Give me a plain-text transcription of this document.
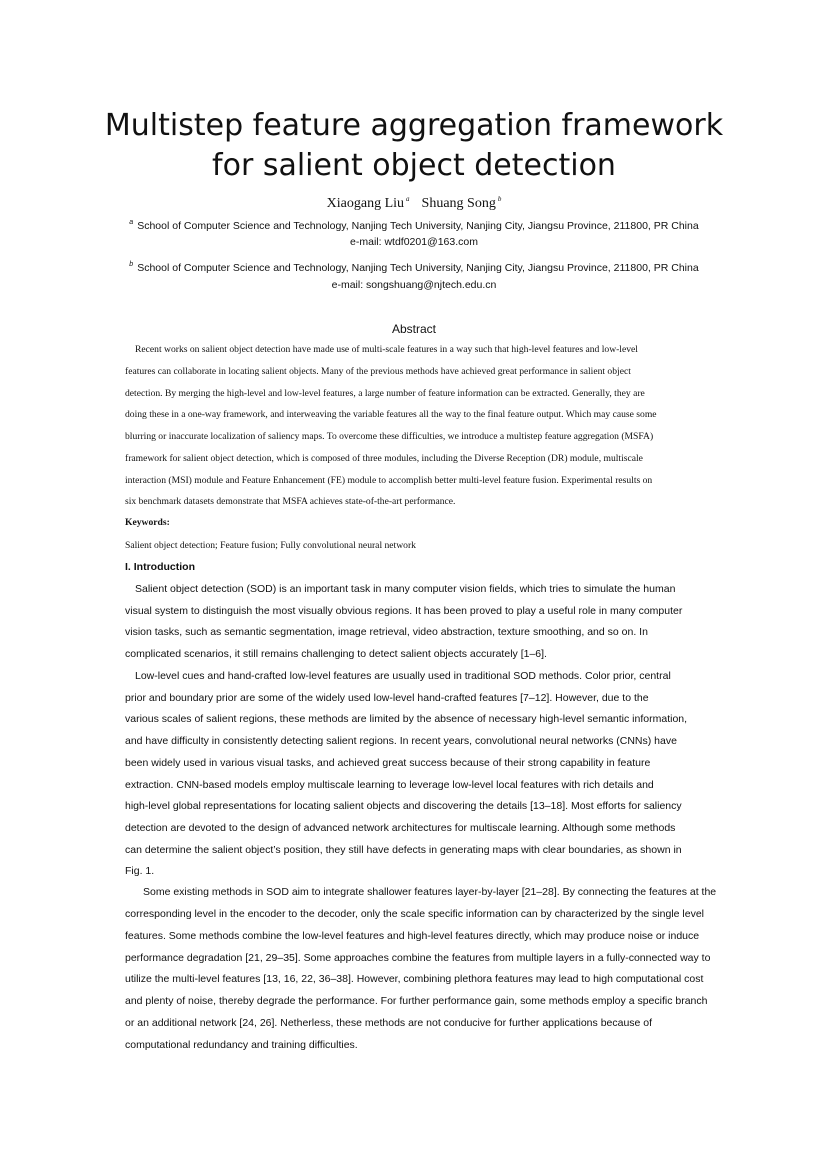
Multistep feature aggregation framework
for salient object detection
Xiaogang Liu $^a$ Shuang Song $^b$
$^a$ School of Computer Science and Technology, Nanjing Tech University, Nanjing City, Jiangsu Province, 211800, PR China
e-mail: wtdf0201@163.com
$^b$ School of Computer Science and Technology, Nanjing Tech University, Nanjing City, Jiangsu Province, 211800, PR China
e-mail: songshuang@njtech.edu.cn
Abstract
Recent works on salient object detection have made use of multi-scale features in a way such that high-level features and low-level
features can collaborate in locating salient objects. Many of the previous methods have achieved great performance in salient object
detection. By merging the high-level and low-level features, a large number of feature information can be extracted. Generally, they are
doing these in a one-way framework, and interweaving the variable features all the way to the final feature output. Which may cause some
blurring or inaccurate localization of saliency maps. To overcome these difficulties, we introduce a multistep feature aggregation (MSFA)
framework for salient object detection, which is composed of three modules, including the Diverse Reception (DR) module, multiscale
interaction (MSI) module and Feature Enhancement (FE) module to accomplish better multi-level feature fusion. Experimental results on
six benchmark datasets demonstrate that MSFA achieves state-of-the-art performance.
Keywords:
Salient object detection; Feature fusion; Fully convolutional neural network
I. Introduction
Salient object detection (SOD) is an important task in many computer vision fields, which tries to simulate the human
visual system to distinguish the most visually obvious regions. It has been proved to play a useful role in many computer
vision tasks, such as semantic segmentation, image retrieval, video abstraction, texture smoothing, and so on. In
complicated scenarios, it still remains challenging to detect salient objects accurately [1–6].
Low-level cues and hand-crafted low-level features are usually used in traditional SOD methods. Color prior, central
prior and boundary prior are some of the widely used low-level hand-crafted features [7–12]. However, due to the
various scales of salient regions, these methods are limited by the absence of necessary high-level semantic information,
and have difficulty in consistently detecting salient regions. In recent years, convolutional neural networks (CNNs) have
been widely used in various visual tasks, and achieved great success because of their strong capability in feature
extraction. CNN-based models employ multiscale learning to leverage low-level local features with rich details and
high-level global representations for locating salient objects and discovering the details [13–18]. Most efforts for saliency
detection are devoted to the design of advanced network architectures for multiscale learning. Although some methods
can determine the salient object’s position, they still have defects in generating maps with clear boundaries, as shown in
Fig. 1.
Some existing methods in SOD aim to integrate shallower features layer-by-layer [21–28]. By connecting the features at the
corresponding level in the encoder to the decoder, only the scale specific information can by characterized by the single level
features. Some methods combine the low-level features and high-level features directly, which may produce noise or induce
performance degradation [21, 29–35]. Some approaches combine the features from multiple layers in a fully-connected way to
utilize the multi-level features [13, 16, 22, 36–38]. However, combining plethora features may lead to high computational cost
and plenty of noise, thereby degrade the performance. For further performance gain, some methods employ a specific branch
or an additional network [24, 26]. Netherless, these methods are not conducive for further applications because of
computational redundancy and training difficulties.
